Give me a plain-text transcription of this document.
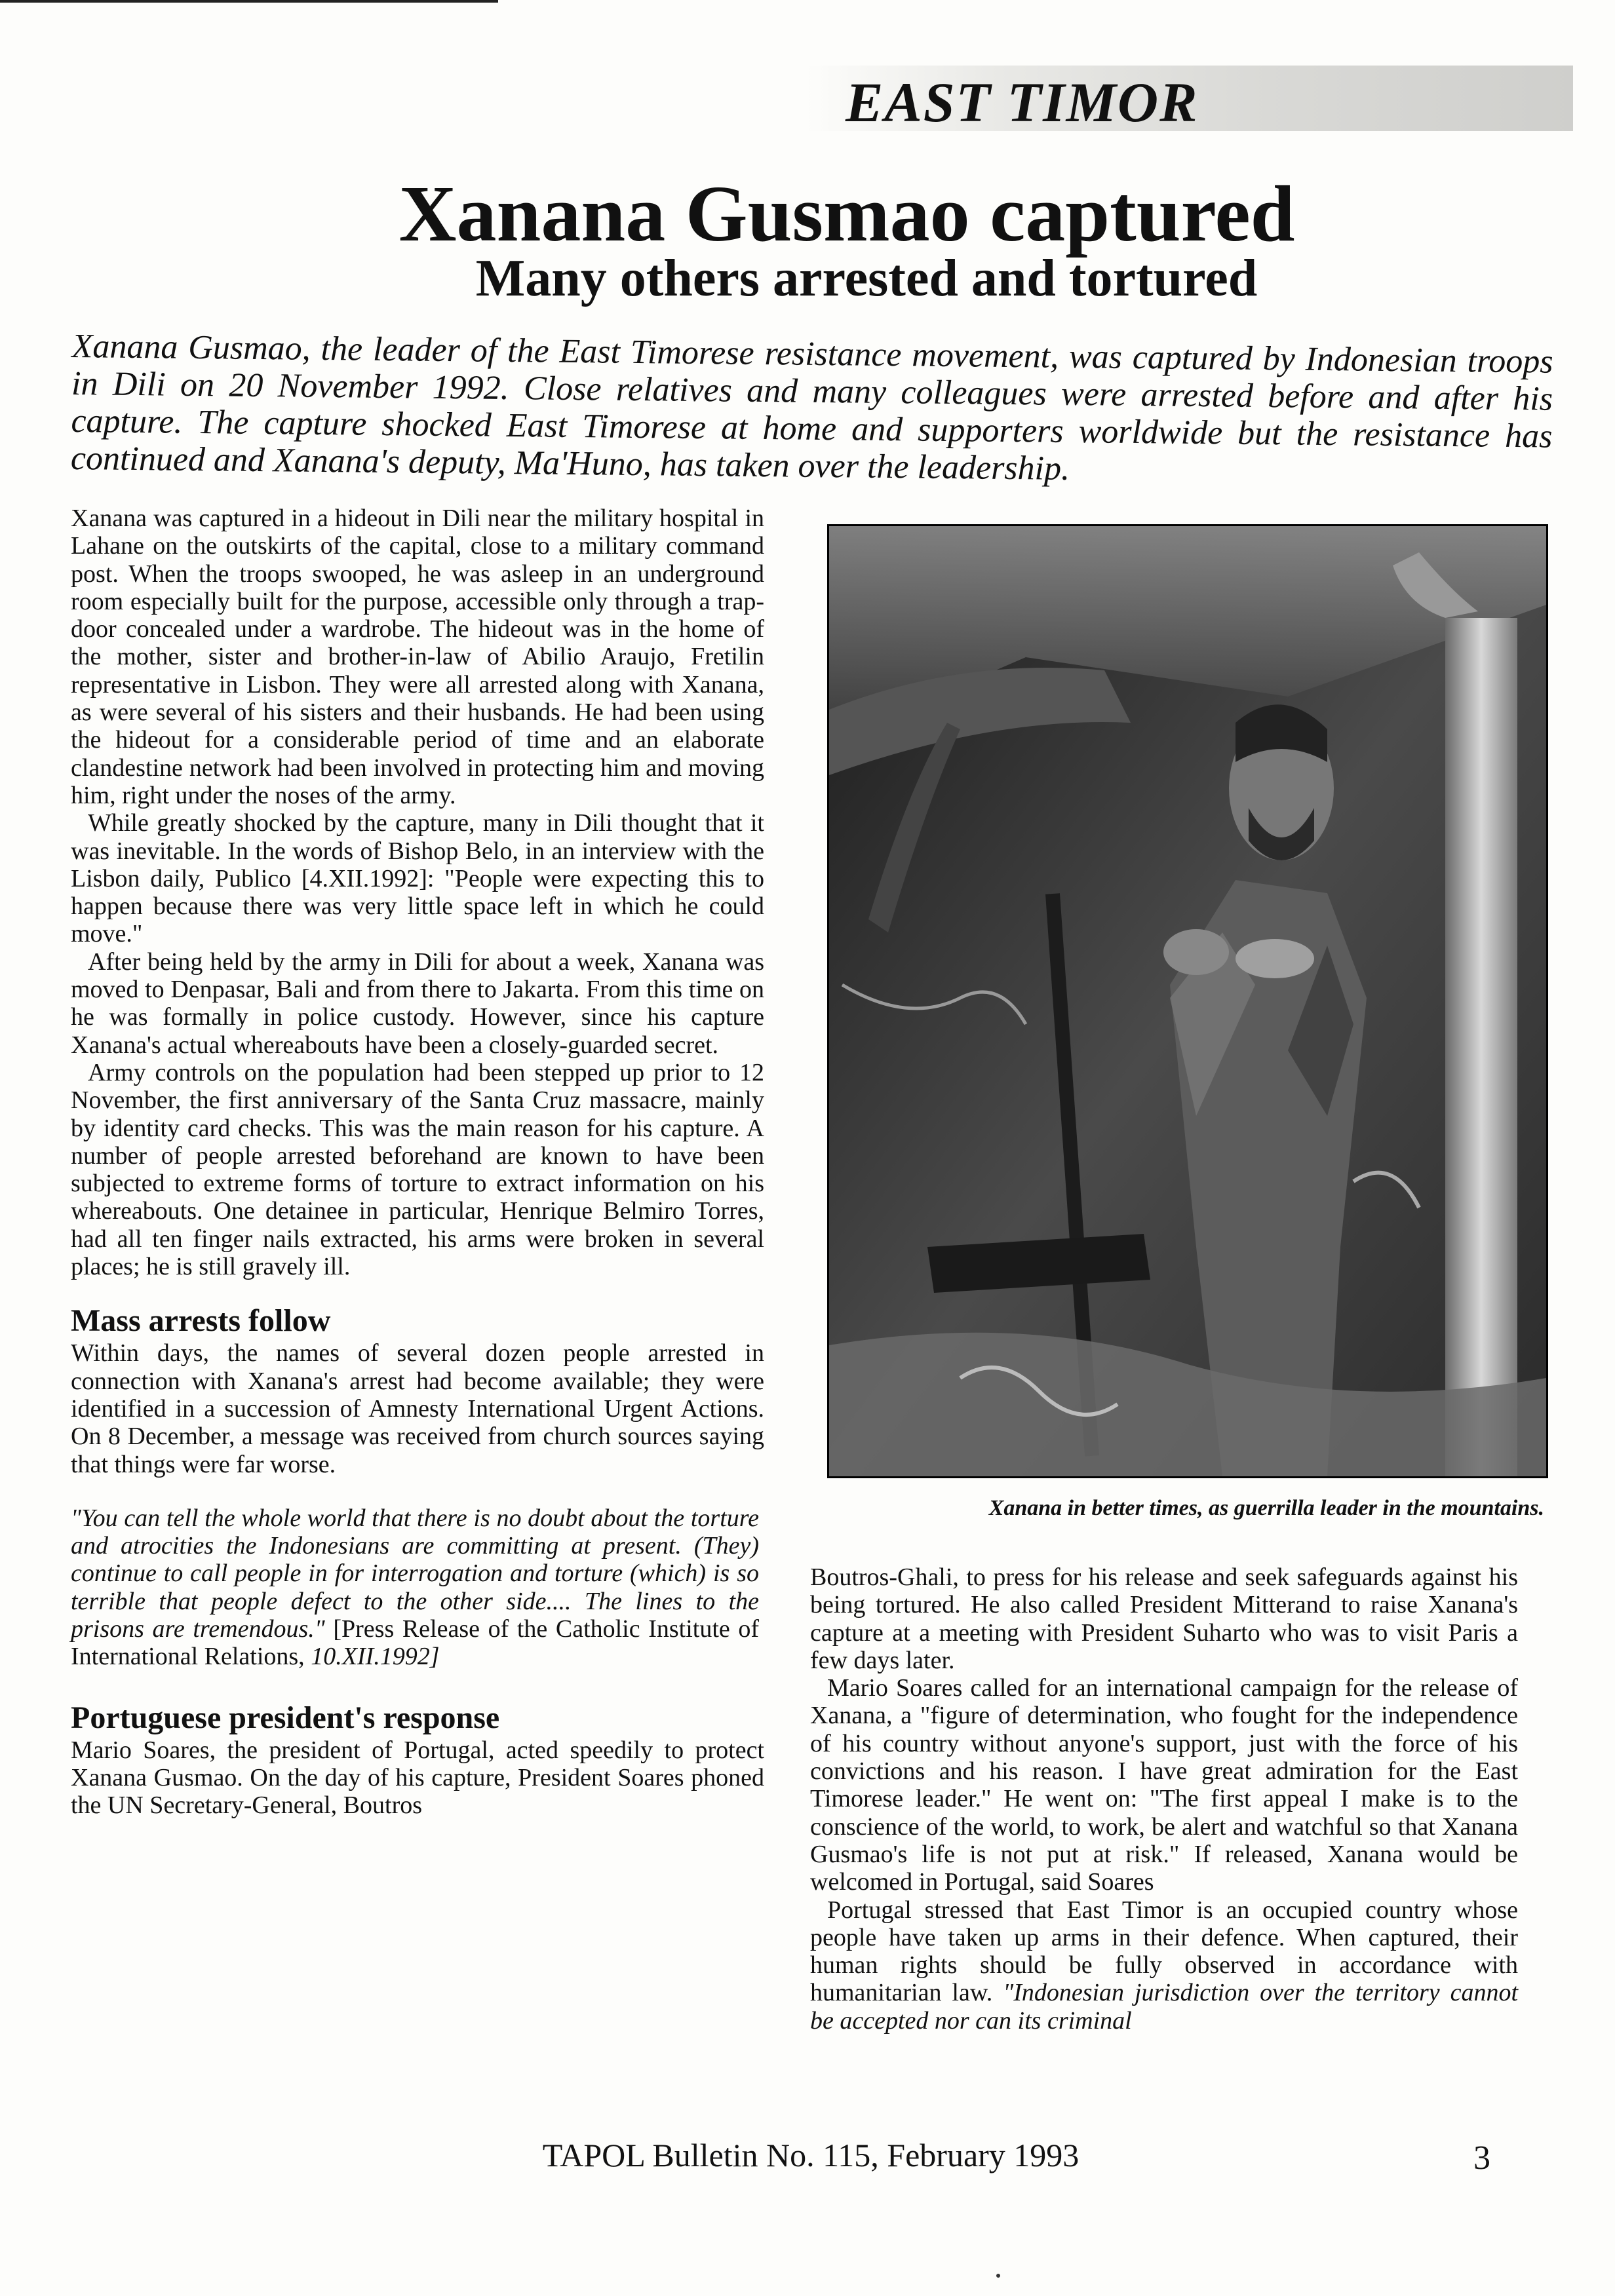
EAST TIMOR
Xanana Gusmao captured
Many others arrested and tortured
Xanana Gusmao, the leader of the East Timorese resistance movement, was captured by Indonesian troops in Dili on 20 November 1992. Close relatives and many colleagues were arrested before and after his capture. The capture shocked East Timorese at home and supporters worldwide but the resistance has continued and Xanana's deputy, Ma'Huno, has taken over the leadership.

Xanana was captured in a hideout in Dili near the military hospital in Lahane on the outskirts of the capital, close to a military command post. When the troops swooped, he was asleep in an underground room especially built for the purpose, accessible only through a trap-door concealed under a wardrobe. The hideout was in the home of the mother, sister and brother-in-law of Abilio Araujo, Fretilin representative in Lisbon. They were all arrested along with Xanana, as were several of his sisters and their husbands. He had been using the hideout for a considerable period of time and an elaborate clandestine network had been involved in protecting him and moving him, right under the noses of the army.

While greatly shocked by the capture, many in Dili thought that it was inevitable. In the words of Bishop Belo, in an interview with the Lisbon daily, Publico [4.XII.1992]: "People were expecting this to happen because there was very little space left in which he could move."

After being held by the army in Dili for about a week, Xanana was moved to Denpasar, Bali and from there to Jakarta. From this time on he was formally in police custody. However, since his capture Xanana's actual whereabouts have been a closely-guarded secret.

Army controls on the population had been stepped up prior to 12 November, the first anniversary of the Santa Cruz massacre, mainly by identity card checks. This was the main reason for his capture. A number of people arrested beforehand are known to have been subjected to extreme forms of torture to extract information on his whereabouts. One detainee in particular, Henrique Belmiro Torres, had all ten finger nails extracted, his arms were broken in several places; he is still gravely ill.

Mass arrests follow

Within days, the names of several dozen people arrested in connection with Xanana's arrest had become available; they were identified in a succession of Amnesty International Urgent Actions. On 8 December, a message was received from church sources saying that things were far worse.

"You can tell the whole world that there is no doubt about the torture and atrocities the Indonesians are committing at present. (They) continue to call people in for interrogation and torture (which) is so terrible that people defect to the other side.... The lines to the prisons are tremendous." [Press Release of the Catholic Institute of International Relations, 10.XII.1992]

Portuguese president's response

Mario Soares, the president of Portugal, acted speedily to protect Xanana Gusmao. On the day of his capture, President Soares phoned the UN Secretary-General, Boutros

Xanana in better times, as guerrilla leader in the mountains.

Boutros-Ghali, to press for his release and seek safeguards against his being tortured. He also called President Mitterand to raise Xanana's capture at a meeting with President Suharto who was to visit Paris a few days later.

Mario Soares called for an international campaign for the release of Xanana, a "figure of determination, who fought for the independence of his country without anyone's support, just with the force of his convictions and his reason. I have great admiration for the East Timorese leader." He went on: "The first appeal I make is to the conscience of the world, to work, be alert and watchful so that Xanana Gusmao's life is not put at risk." If released, Xanana would be welcomed in Portugal, said Soares

Portugal stressed that East Timor is an occupied country whose people have taken up arms in their defence. When captured, their human rights should be fully observed in accordance with humanitarian law. "Indonesian jurisdiction over the territory cannot be accepted nor can its criminal

TAPOL Bulletin No. 115, February 1993	3
